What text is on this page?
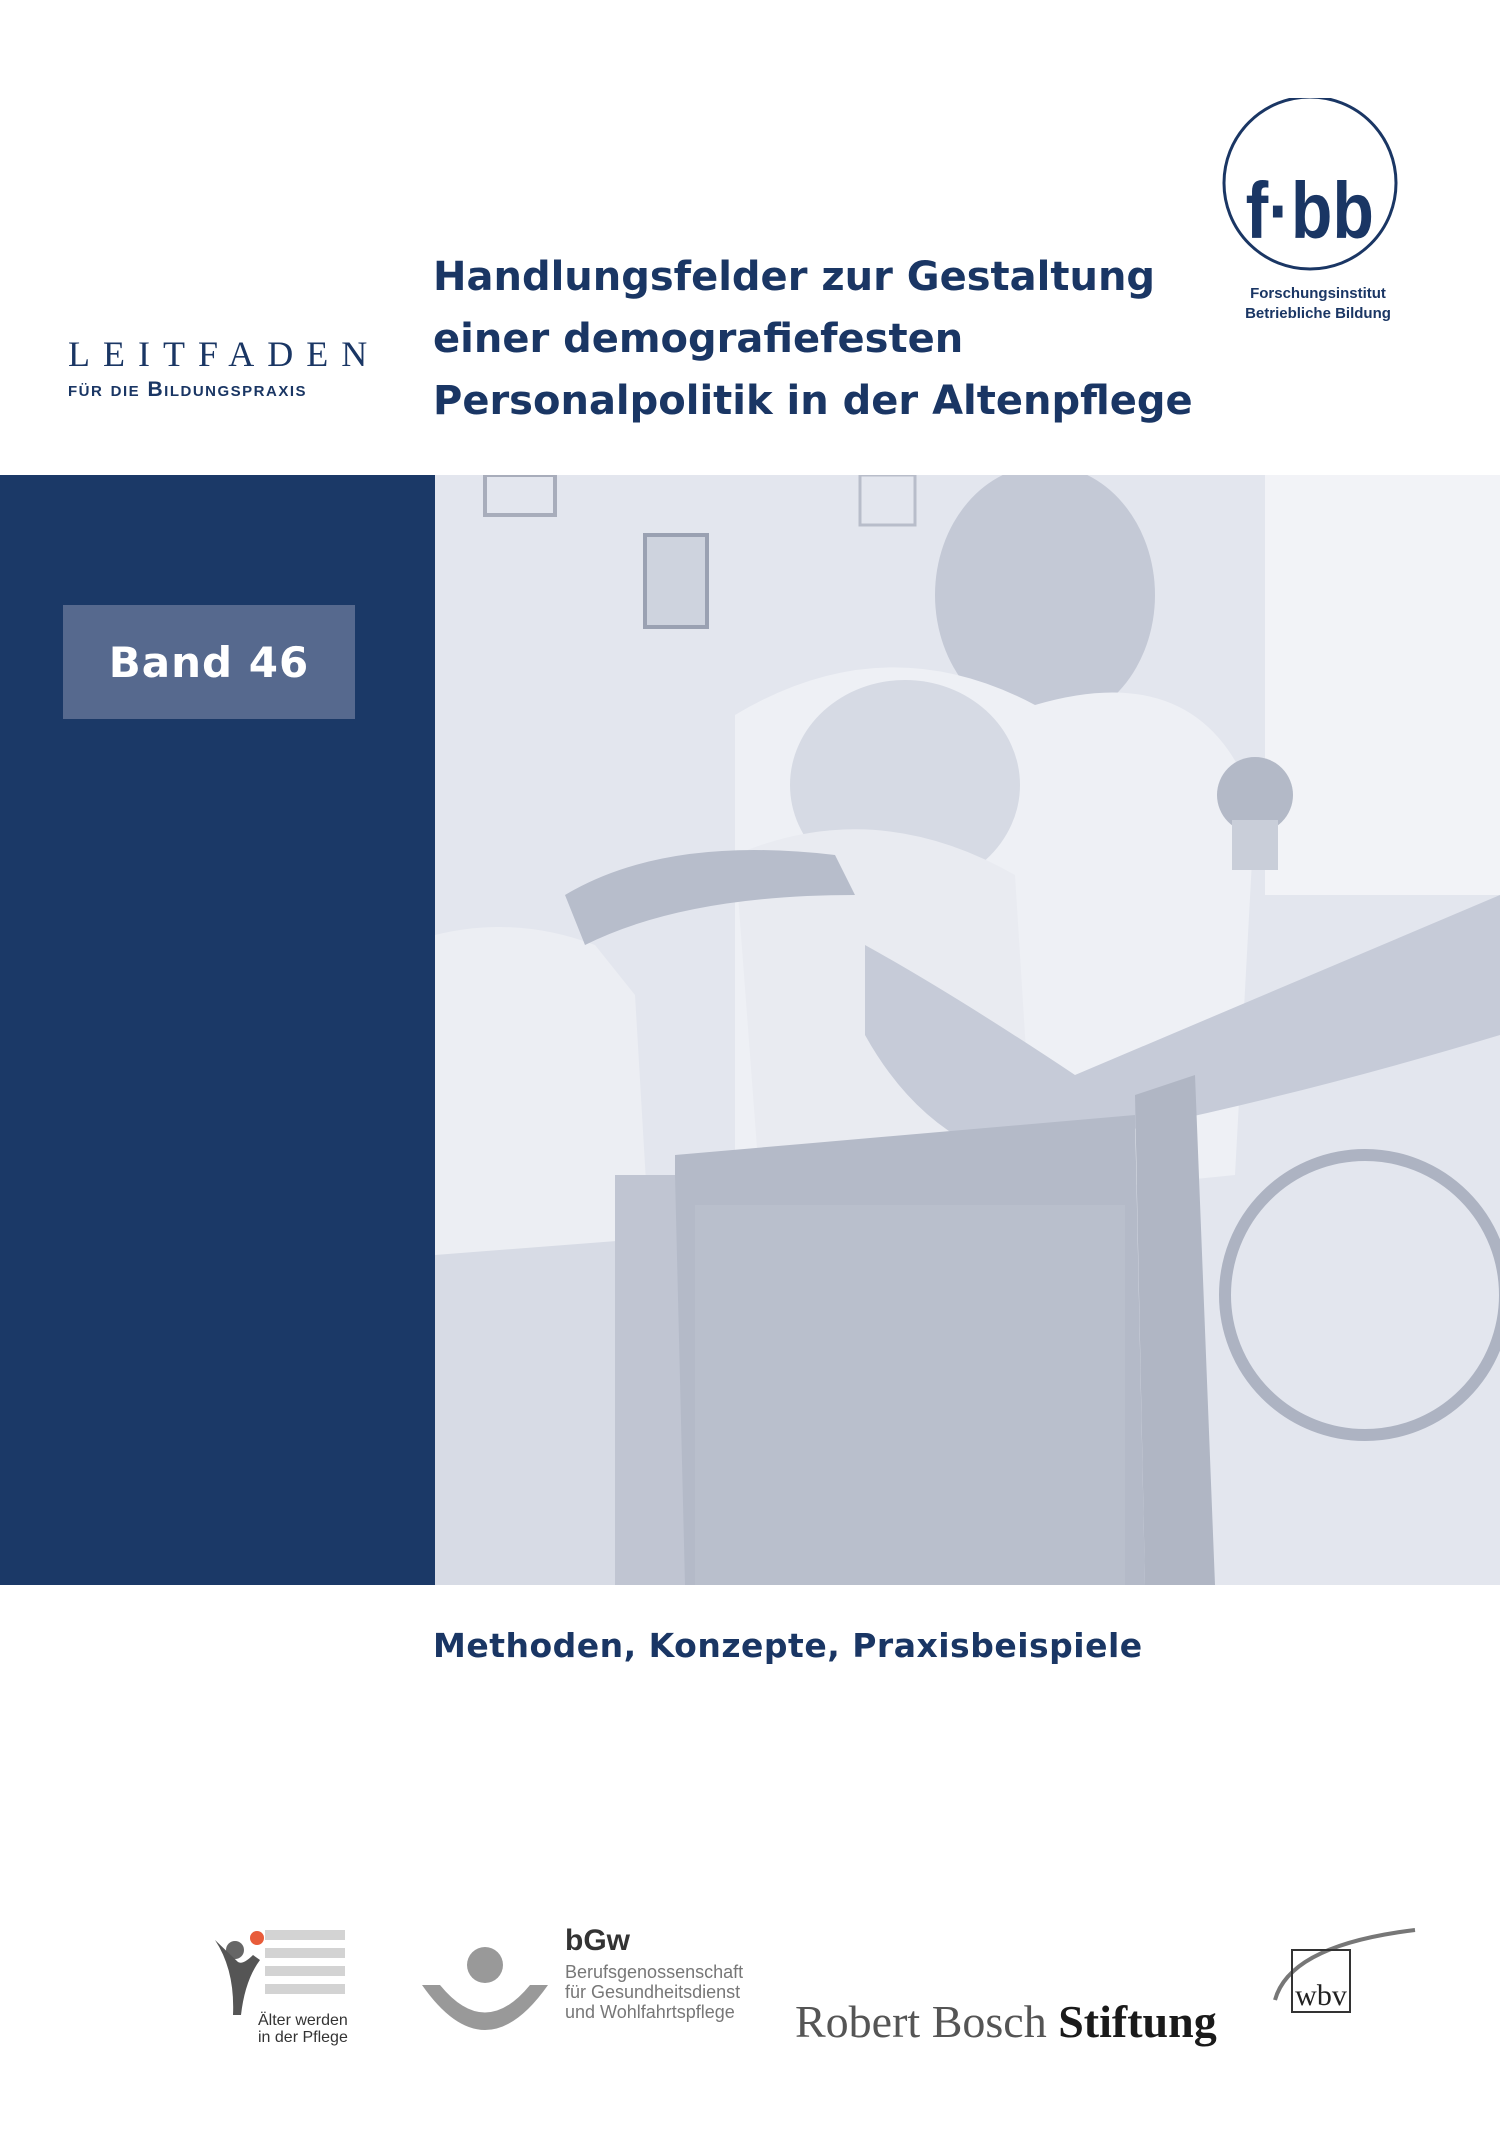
LEITFADEN
für die Bildungspraxis
Handlungsfelder zur Gestaltung
einer demografiefesten
Personalpolitik in der Altenpflege
f·bb
Forschungsinstitut
Betriebliche Bildung
Band 46
Methoden, Konzepte, Praxisbeispiele
Älter werden
in der Pflege
bGw
Berufsgenossenschaft
für Gesundheitsdienst
und Wohlfahrtspflege Robert Bosch Stiftung
wbv
